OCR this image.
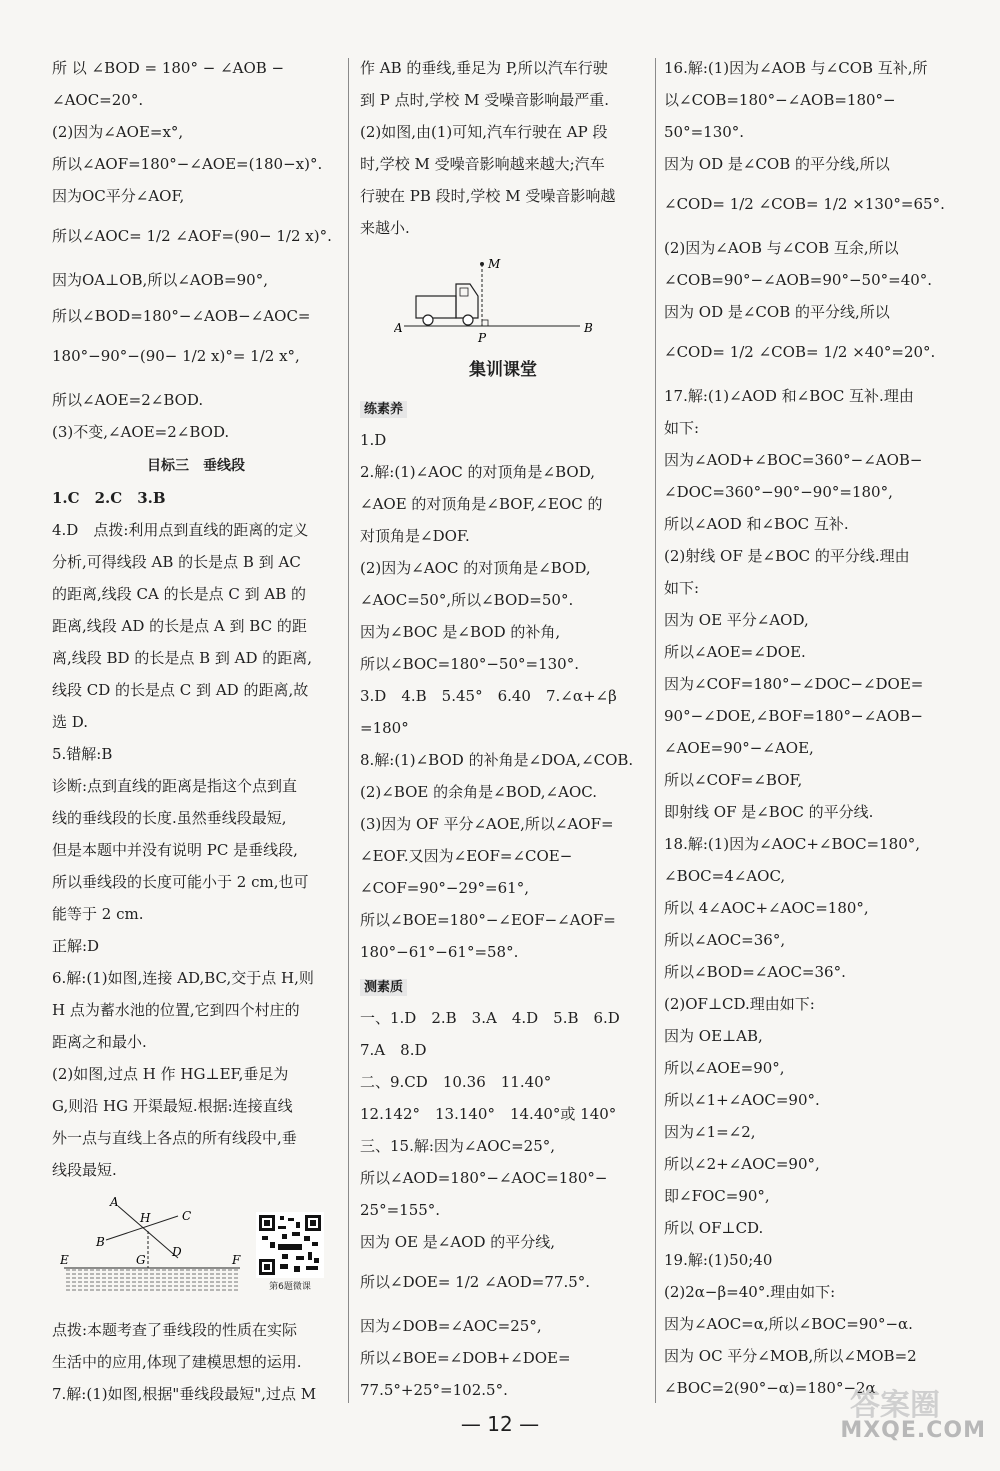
所 以 ∠BOD = 180° − ∠AOB −
∠AOC=20°.
(2)因为∠AOE=x°,
所以∠AOF=180°−∠AOE=(180−x)°.
因为OC平分∠AOF,
所以∠AOC= 1/2 ∠AOF=(90− 1/2 x)°.
因为OA⊥OB,所以∠AOB=90°,
所以∠BOD=180°−∠AOB−∠AOC=
180°−90°−(90− 1/2 x)°= 1/2 x°,
所以∠AOE=2∠BOD.
(3)不变,∠AOE=2∠BOD.
目标三　垂线段
1.C　2.C　3.B
4.D　点拨:利用点到直线的距离的定义
分析,可得线段 AB 的长是点 B 到 AC
的距离,线段 CA 的长是点 C 到 AB 的
距离,线段 AD 的长是点 A 到 BC 的距
离,线段 BD 的长是点 B 到 AD 的距离,
线段 CD 的长是点 C 到 AD 的距离,故
选 D.
5.错解:B
诊断:点到直线的距离是指这个点到直
线的垂线段的长度.虽然垂线段最短,
但是本题中并没有说明 PC 是垂线段,
所以垂线段的长度可能小于 2 cm,也可
能等于 2 cm.
正解:D
6.解:(1)如图,连接 AD,BC,交于点 H,则
H 点为蓄水池的位置,它到四个村庄的
距离之和最小.
(2)如图,过点 H 作 HG⊥EF,垂足为
G,则沿 HG 开渠最短.根据:连接直线
外一点与直线上各点的所有线段中,垂
线段最短.
点拨:本题考查了垂线段的性质在实际
生活中的应用,体现了建模思想的运用.
7.解:(1)如图,根据"垂线段最短",过点 M
A
H	C
B
G
D
E	F
第6题微课
作 AB 的垂线,垂足为 P,所以汽车行驶
到 P 点时,学校 M 受噪音影响最严重.
(2)如图,由(1)可知,汽车行驶在 AP 段
时,学校 M 受噪音影响越来越大;汽车
行驶在 PB 段时,学校 M 受噪音影响越
来越小.
M
A
P
B
集训课堂
练素养
1.D
2.解:(1)∠AOC 的对顶角是∠BOD,
∠AOE 的对顶角是∠BOF,∠EOC 的
对顶角是∠DOF.
(2)因为∠AOC 的对顶角是∠BOD,
∠AOC=50°,所以∠BOD=50°.
因为∠BOC 是∠BOD 的补角,
所以∠BOC=180°−50°=130°.
3.D　4.B　5.45°　6.40　7.∠α+∠β
=180°
8.解:(1)∠BOD 的补角是∠DOA,∠COB.
(2)∠BOE 的余角是∠BOD,∠AOC.
(3)因为 OF 平分∠AOE,所以∠AOF=
∠EOF.又因为∠EOF=∠COE−
∠COF=90°−29°=61°,
所以∠BOE=180°−∠EOF−∠AOF=
180°−61°−61°=58°.
测素质
一、1.D　2.B　3.A　4.D　5.B　6.D
7.A　8.D
二、9.CD　10.36　11.40°
12.142°　13.140°　14.40°或 140°
三、15.解:因为∠AOC=25°,
所以∠AOD=180°−∠AOC=180°−
25°=155°.
因为 OE 是∠AOD 的平分线,
所以∠DOE= 1/2 ∠AOD=77.5°.
因为∠DOB=∠AOC=25°,
所以∠BOE=∠DOB+∠DOE=
77.5°+25°=102.5°.
16.解:(1)因为∠AOB 与∠COB 互补,所
以∠COB=180°−∠AOB=180°−
50°=130°.
因为 OD 是∠COB 的平分线,所以
∠COD= 1/2 ∠COB= 1/2 ×130°=65°.
(2)因为∠AOB 与∠COB 互余,所以
∠COB=90°−∠AOB=90°−50°=40°.
因为 OD 是∠COB 的平分线,所以
∠COD= 1/2 ∠COB= 1/2 ×40°=20°.
17.解:(1)∠AOD 和∠BOC 互补.理由
如下:
因为∠AOD+∠BOC=360°−∠AOB−
∠DOC=360°−90°−90°=180°,
所以∠AOD 和∠BOC 互补.
(2)射线 OF 是∠BOC 的平分线.理由
如下:
因为 OE 平分∠AOD,
所以∠AOE=∠DOE.
因为∠COF=180°−∠DOC−∠DOE=
90°−∠DOE,∠BOF=180°−∠AOB−
∠AOE=90°−∠AOE,
所以∠COF=∠BOF,
即射线 OF 是∠BOC 的平分线.
18.解:(1)因为∠AOC+∠BOC=180°,
∠BOC=4∠AOC,
所以 4∠AOC+∠AOC=180°,
所以∠AOC=36°,
所以∠BOD=∠AOC=36°.
(2)OF⊥CD.理由如下:
因为 OE⊥AB,
所以∠AOE=90°,
所以∠1+∠AOC=90°.
因为∠1=∠2,
所以∠2+∠AOC=90°,
即∠FOC=90°,
所以 OF⊥CD.
19.解:(1)50;40
(2)2α−β=40°.理由如下:
因为∠AOC=α,所以∠BOC=90°−α.
因为 OC 平分∠MOB,所以∠MOB=2
∠BOC=2(90°−α)=180°−2α
答案圈
— 12 —	MXQE.COM
